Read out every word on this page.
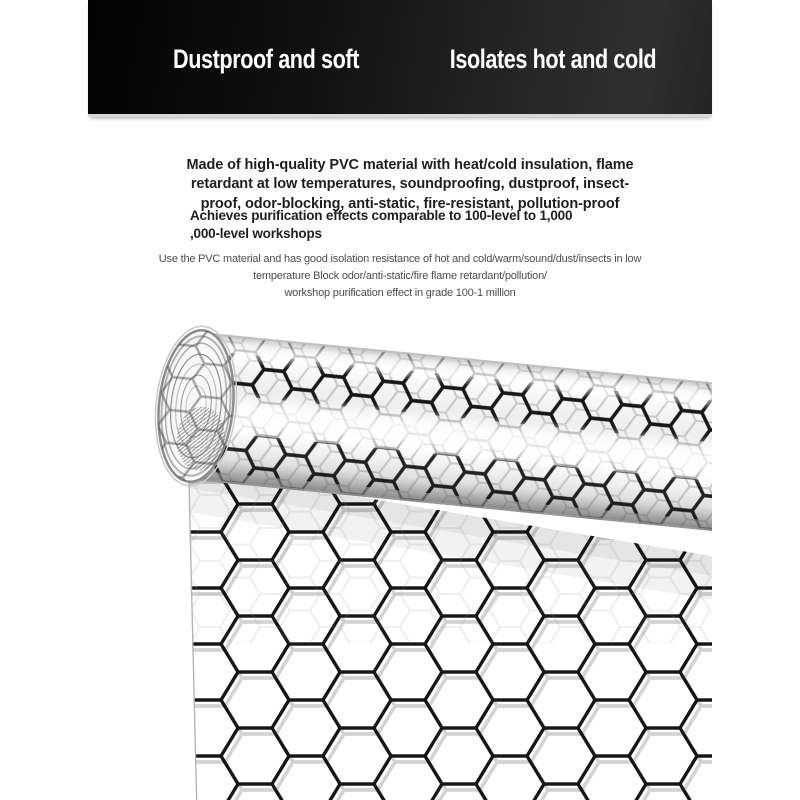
Dustproof and soft	Isolates hot and cold

Made of high-quality PVC material with heat/cold insulation, flame retardant at low temperatures, soundproofing, dustproof, insect-proof, odor-blocking, anti-static, fire-resistant, pollution-proof

Achieves purification effects comparable to 100-level to 1,000
,000-level workshops
Use the PVC material and has good isolation resistance of hot and cold/warm/sound/dust/insects in low
temperature Block odor/anti-static/fire flame retardant/pollution/
workshop purification effect in grade 100-1 million
